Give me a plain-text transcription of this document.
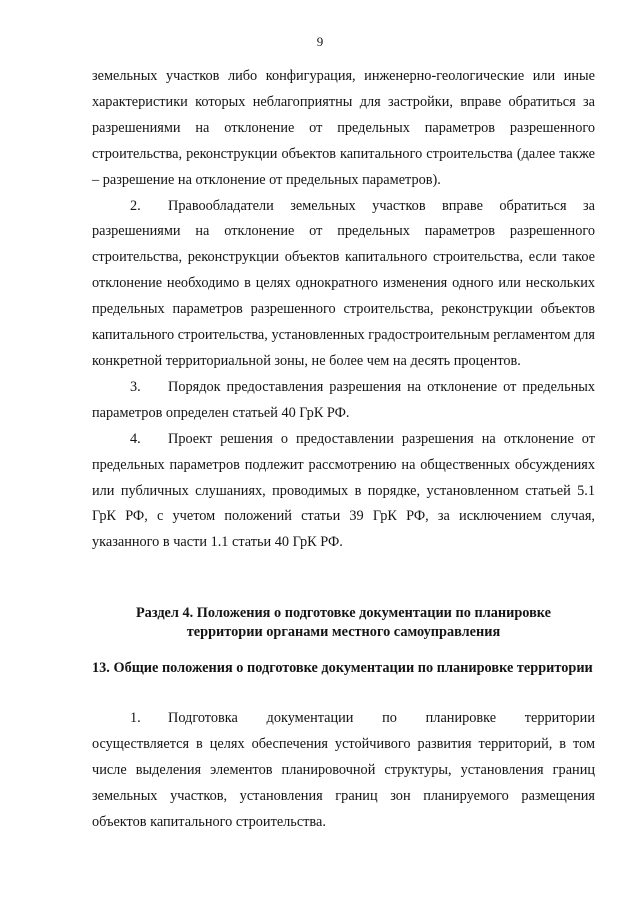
9

земельных участков либо конфигурация, инженерно-геологические или иные характеристики которых неблагоприятны для застройки, вправе обратиться за разрешениями на отклонение от предельных параметров разрешенного строительства, реконструкции объектов капитального строительства (далее также – разрешение на отклонение от предельных параметров).

2. Правообладатели земельных участков вправе обратиться за разрешениями на отклонение от предельных параметров разрешенного строительства, реконструкции объектов капитального строительства, если такое отклонение необходимо в целях однократного изменения одного или нескольких предельных параметров разрешенного строительства, реконструкции объектов капитального строительства, установленных градостроительным регламентом для конкретной территориальной зоны, не более чем на десять процентов.

3. Порядок предоставления разрешения на отклонение от предельных параметров определен статьей 40 ГрК РФ.

4. Проект решения о предоставлении разрешения на отклонение от предельных параметров подлежит рассмотрению на общественных обсуждениях или публичных слушаниях, проводимых в порядке, установленном статьей 5.1 ГрК РФ, с учетом положений статьи 39 ГрК РФ, за исключением случая, указанного в части 1.1 статьи 40 ГрК РФ.

Раздел 4. Положения о подготовке документации по планировке
территории органами местного самоуправления
13. Общие положения о подготовке документации по планировке территории

1. Подготовка документации по планировке территории осуществляется в целях обеспечения устойчивого развития территорий, в том числе выделения элементов планировочной структуры, установления границ земельных участков, установления границ зон планируемого размещения объектов капитального строительства.
